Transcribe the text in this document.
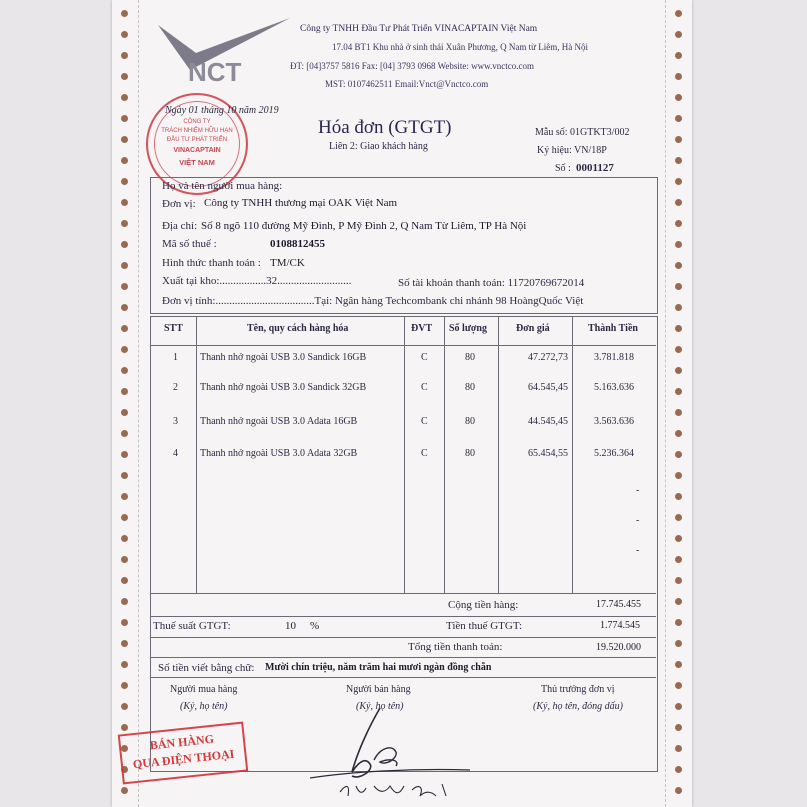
NCT
Công ty TNHH Đầu Tư Phát Triển VINACAPTAIN Việt Nam
17.04 BT1 Khu nhà ở sinh thái Xuân Phương, Q Nam từ Liêm, Hà Nội
ĐT: [04]3757 5816 Fax: [04] 3793 0968 Website: www.vnctco.com
MST: 0107462511 Email:Vnct@Vnctco.com
CÔNG TY
TRÁCH NHIỆM HỮU HẠN
ĐẦU TƯ PHÁT TRIỂN
VINACAPTAIN
VIỆT NAM
Ngày 01 tháng 10 năm 2019
Hóa đơn (GTGT)
Liên 2: Giao khách hàng
Mẫu số: 01GTKT3/002
Ký hiệu: VN/18P
Số : 0001127
Họ và tên người mua hàng:
Đơn vị: Công ty TNHH thương mại OAK Việt Nam
Địa chỉ: Số 8 ngõ 110 đường Mỹ Đình, P Mỹ Đình 2, Q Nam Từ Liêm, TP Hà Nội
Mã số thuế :	0108812455
Hình thức thanh toán : TM/CK
Xuất tại kho:.................32...........................	Số tài khoản thanh toán: 11720769672014
Đơn vị tính:....................................Tại: Ngân hàng Techcombank chi nhánh 98 HoàngQuốc Việt
STT	Tên, quy cách hàng hóa	ĐVT Số lượng	Đơn giá	Thành Tiền
1 Thanh nhớ ngoài USB 3.0 Sandick 16GB	C	80	47.272,73	3.781.818
2 Thanh nhớ ngoài USB 3.0 Sandick 32GB	C	80	64.545,45	5.163.636
3 Thanh nhớ ngoài USB 3.0 Adata 16GB	C	80	44.545,45	3.563.636
4 Thanh nhớ ngoài USB 3.0 Adata 32GB	C	80	65.454,55	5.236.364
-
-
-
Cộng tiền hàng:	17.745.455
Thuế suất GTGT:	10 %	Tiền thuế GTGT:	1.774.545
Tổng tiền thanh toán:	19.520.000
Số tiền viết bằng chữ: Mười chín triệu, năm trăm hai mươi ngàn đồng chẵn
Người mua hàng
(Ký, họ tên)
Người bán hàng
(Ký, họ tên)
Thủ trưởng đơn vị
(Ký, họ tên, đóng dấu)
BÁN HÀNG
QUA ĐIỆN THOẠI
